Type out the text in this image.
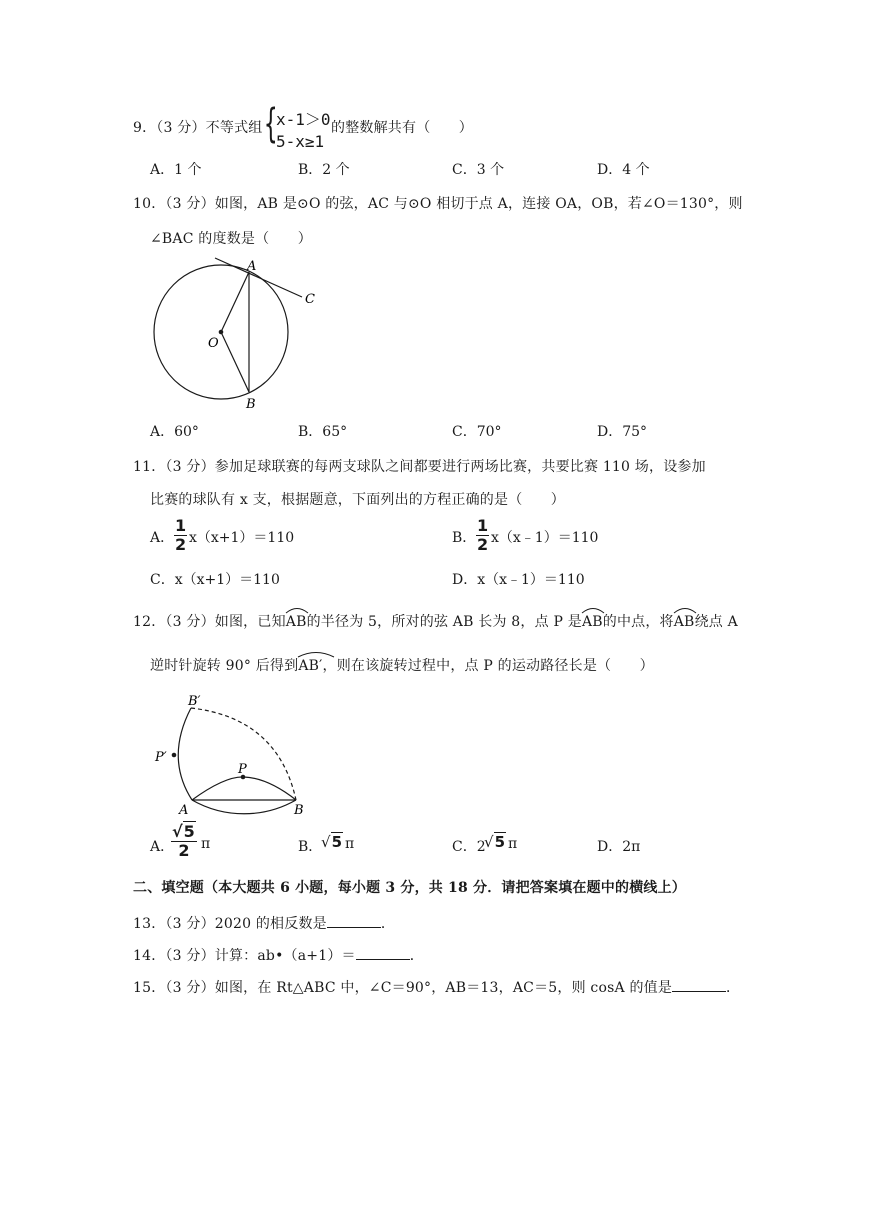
9．（3 分）不等式组 {
x-1＞0
5-x≥1
的整数解共有（　　）
A．1 个	B．2 个	C．3 个	D．4 个
10．（3 分）如图，AB 是⊙O 的弦，AC 与⊙O 相切于点 A，连接 OA，OB，若∠O＝130°，则
∠BAC 的度数是（　　）
A
C
O
B
A．60°	B．65°	C．70°	D．75°
11．（3 分）参加足球联赛的每两支球队之间都要进行两场比赛，共要比赛 110 场，设参加
比赛的球队有 x 支，根据题意，下面列出的方程正确的是（　　）
A． $\frac{1}{2} x(x+1)=110$	B． $\frac{1}{2}$ x（x﹣1）＝110
C．x（x+1）＝110	D．x（x﹣1）＝110
12．（3 分）如图，已知
AB的半径为 5，所对的弦 AB 长为 8，点 P 是
AB的中点，将
AB绕点 A
逆时针旋转 90° 后得到
AB′，则在该旋转过程中，点 P 的运动路径长是（　　）
B′
P′
P
A	B
A．
$\frac{√5}{2}$ π	B．
√5 π	C．2
√5 π	D．2π
二、填空题（本大题共 6 小题，每小题 3 分，共 18 分．请把答案填在题中的横线上）
13．（3 分）2020 的相反数是	．
14．（3 分）计算：ab•（a+1）＝	．
15．（3 分）如图，在 Rt△ABC 中，∠C＝90°，AB＝13，AC＝5，则 cosA 的值是	．
